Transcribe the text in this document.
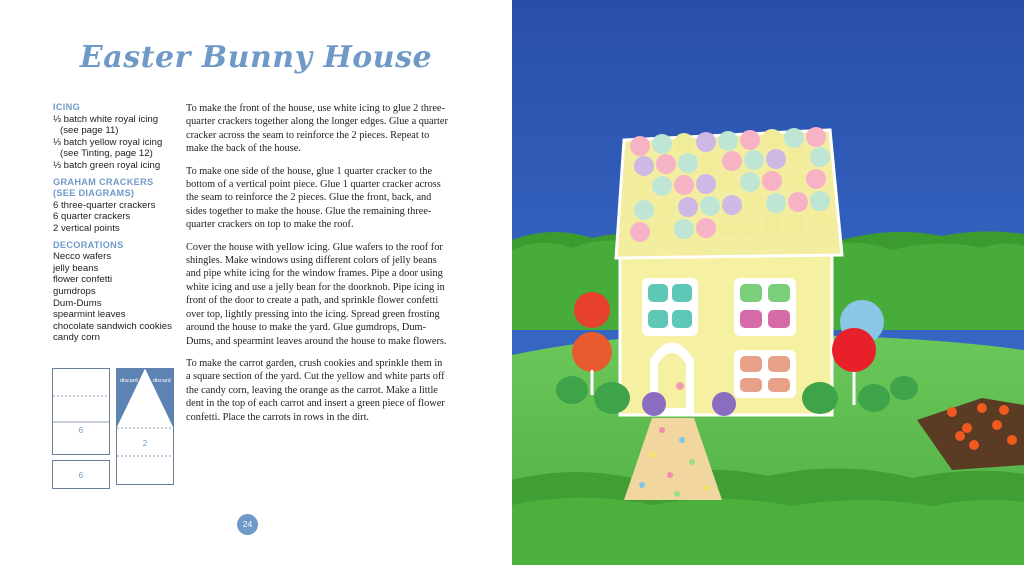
Easter Bunny House
ICING
⅓ batch white royal icing
(see page 11)
⅓ batch yellow royal icing
(see Tinting, page 12)
⅓ batch green royal icing
GRAHAM CRACKERS (SEE DIAGRAMS)
6 three-quarter crackers
6 quarter crackers
2 vertical points
DECORATIONS
Necco wafers
jelly beans
flower confetti
gumdrops
Dum-Dums
spearmint leaves
chocolate sandwich cookies
candy corn

To make the front of the house, use white icing to glue 2 three-quarter crackers together along the longer edges. Glue a quarter cracker across the seam to reinforce the 2 pieces. Repeat to make the back of the house.

To make one side of the house, glue 1 quarter cracker to the bottom of a vertical point piece. Glue 1 quarter cracker across the seam to reinforce the 2 pieces. Glue the front, back, and sides together to make the house. Glue the remaining three-quarter crackers on top to make the roof.

Cover the house with yellow icing. Glue wafers to the roof for shingles. Make windows using different colors of jelly beans and pipe white icing for the window frames. Pipe a door using white icing and use a jelly bean for the doorknob. Pipe icing in front of the door to create a path, and sprinkle flower confetti over top, lightly pressing into the icing. Spread green frosting around the house to make the yard. Glue gumdrops, Dum-Dums, and spearmint leaves around the house to make flowers.

To make the carrot garden, crush cookies and sprinkle them in a square section of the yard. Cut the yellow and white parts off the candy corn, leaving the orange as the carrot. Make a little dent in the top of each carrot and insert a green piece of flower confetti. Place the carrots in rows in the dirt.

6
6
discard	discard
2
24
